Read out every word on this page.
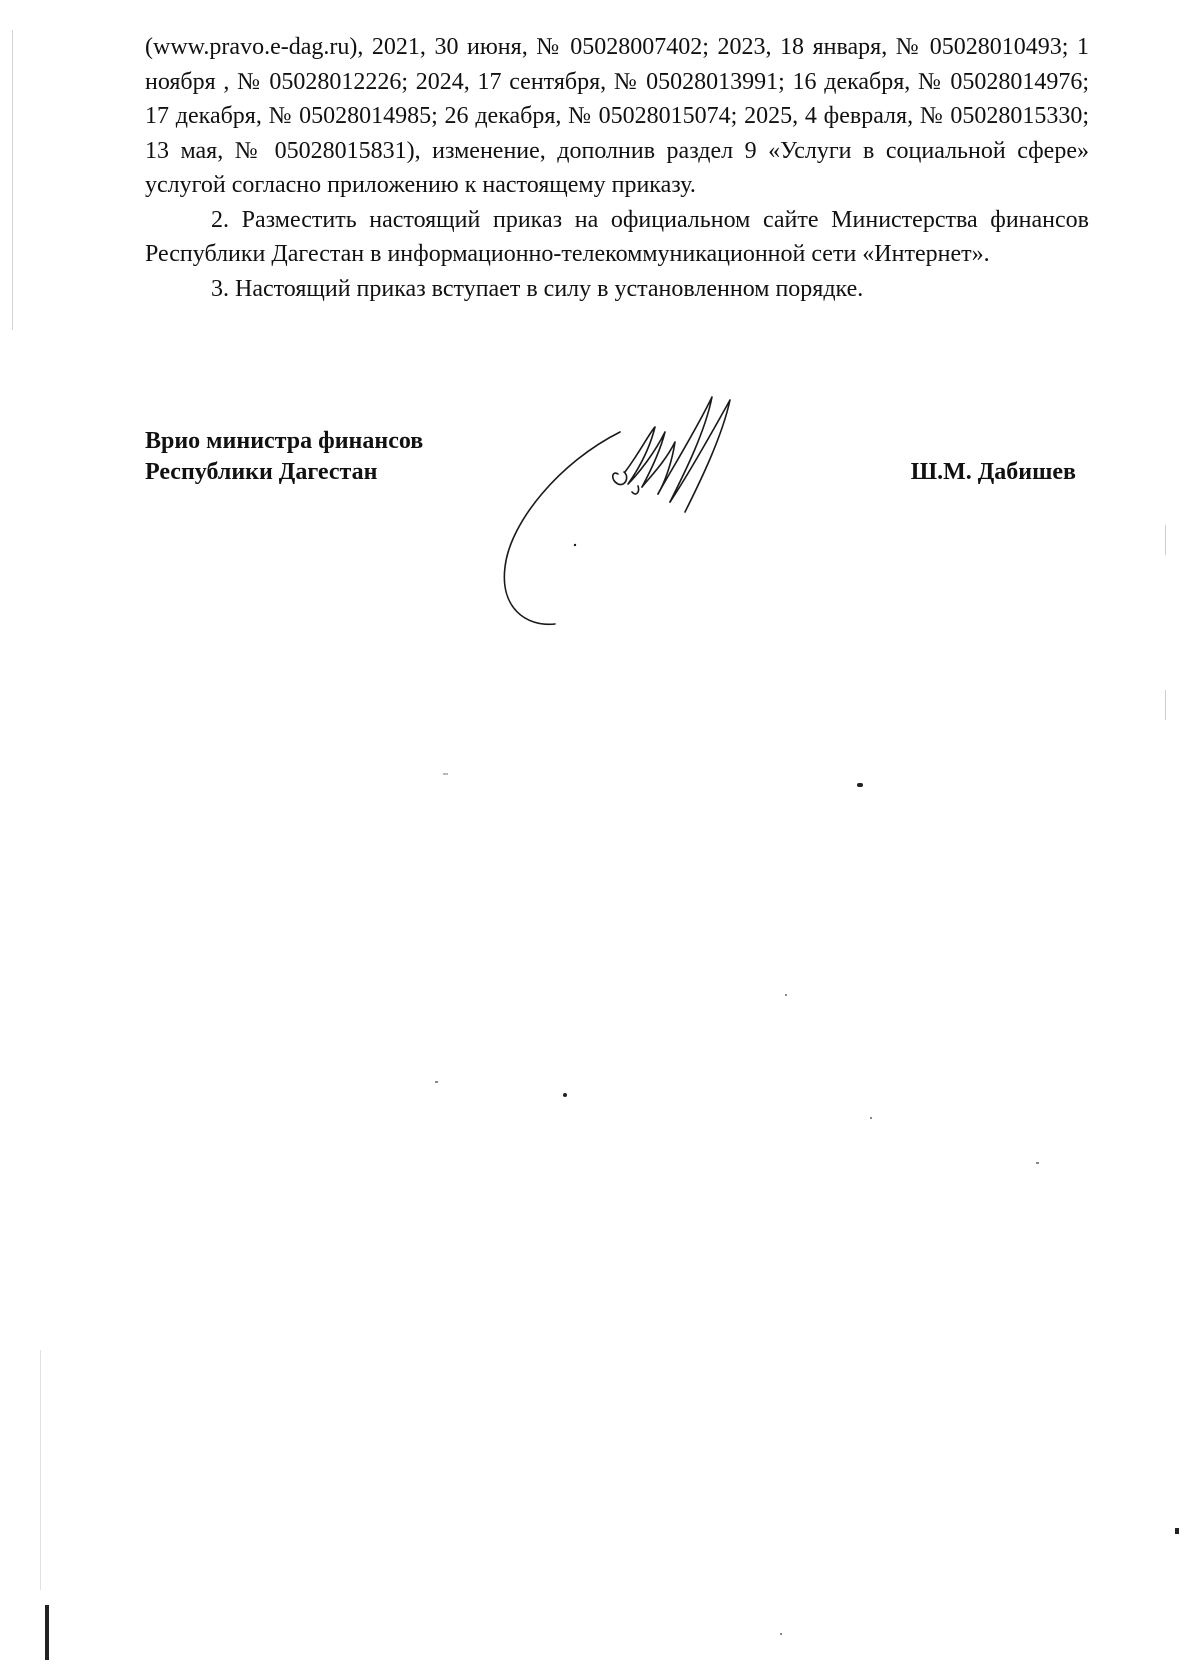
(www.pravo.e-dag.ru), 2021, 30 июня, № 05028007402; 2023, 18 января, № 05028010493; 1 ноября , № 05028012226; 2024, 17 сентября, № 05028013991; 16 декабря, № 05028014976; 17 декабря, № 05028014985; 26 декабря, № 05028015074; 2025, 4 февраля, № 05028015330; 13 мая, № 05028015831), изменение, дополнив раздел 9 «Услуги в социальной сфере» услугой согласно приложению к настоящему приказу.

2. Разместить настоящий приказ на официальном сайте Министерства финансов Республики Дагестан в информационно-телекоммуникационной сети «Интернет».

3. Настоящий приказ вступает в силу в установленном порядке.

Врио министра финансов
Республики Дагестан	Ш.М. Дабишев
